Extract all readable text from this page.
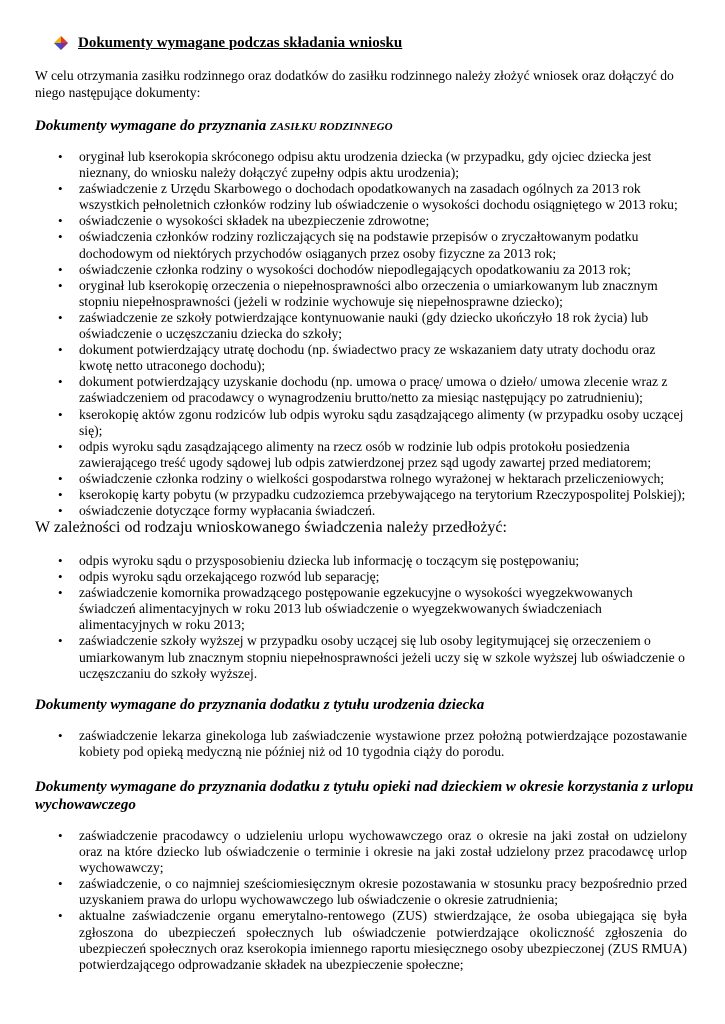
Dokumenty wymagane podczas składania wniosku

W celu otrzymania zasiłku rodzinnego oraz dodatków do zasiłku rodzinnego należy złożyć wniosek oraz dołączyć do niego następujące dokumenty:

Dokumenty wymagane do przyznania ZASIŁKU RODZINNEGO
• oryginał lub kserokopia skróconego odpisu aktu urodzenia dziecka (w przypadku, gdy ojciec dziecka jest nieznany, do wniosku należy dołączyć zupełny odpis aktu urodzenia);
• zaświadczenie z Urzędu Skarbowego o dochodach opodatkowanych na zasadach ogólnych za 2013 rok wszystkich pełnoletnich członków rodziny lub oświadczenie o wysokości dochodu osiągniętego w 2013 roku;
• oświadczenie o wysokości składek na ubezpieczenie zdrowotne;
• oświadczenia członków rodziny rozliczających się na podstawie przepisów o zryczałtowanym podatku dochodowym od niektórych przychodów osiąganych przez osoby fizyczne za 2013 rok;
• oświadczenie członka rodziny o wysokości dochodów niepodlegających opodatkowaniu za 2013 rok;
• oryginał lub kserokopię orzeczenia o niepełnosprawności albo orzeczenia o umiarkowanym lub znacznym stopniu niepełnosprawności (jeżeli w rodzinie wychowuje się niepełnosprawne dziecko);
• zaświadczenie ze szkoły potwierdzające kontynuowanie nauki (gdy dziecko ukończyło 18 rok życia) lub oświadczenie o uczęszczaniu dziecka do szkoły;
• dokument potwierdzający utratę dochodu (np. świadectwo pracy ze wskazaniem daty utraty dochodu oraz kwotę netto utraconego dochodu);
• dokument potwierdzający uzyskanie dochodu (np. umowa o pracę/ umowa o dzieło/ umowa zlecenie wraz z zaświadczeniem od pracodawcy o wynagrodzeniu brutto/netto za miesiąc następujący po zatrudnieniu);
• kserokopię aktów zgonu rodziców lub odpis wyroku sądu zasądzającego alimenty (w przypadku osoby uczącej się);
• odpis wyroku sądu zasądzającego alimenty na rzecz osób w rodzinie lub odpis protokołu posiedzenia zawierającego treść ugody sądowej lub odpis zatwierdzonej przez sąd ugody zawartej przed mediatorem;
• oświadczenie członka rodziny o wielkości gospodarstwa rolnego wyrażonej w hektarach przeliczeniowych;
• kserokopię karty pobytu (w przypadku cudzoziemca przebywającego na terytorium Rzeczypospolitej Polskiej);
• oświadczenie dotyczące formy wypłacania świadczeń.
W zależności od rodzaju wnioskowanego świadczenia należy przedłożyć:
• odpis wyroku sądu o przysposobieniu dziecka lub informację o toczącym się postępowaniu;
• odpis wyroku sądu orzekającego rozwód lub separację;
• zaświadczenie komornika prowadzącego postępowanie egzekucyjne o wysokości wyegzekwowanych świadczeń alimentacyjnych w roku 2013 lub oświadczenie o wyegzekwowanych świadczeniach alimentacyjnych w roku 2013;
• zaświadczenie szkoły wyższej w przypadku osoby uczącej się lub osoby legitymującej się orzeczeniem o umiarkowanym lub znacznym stopniu niepełnosprawności jeżeli uczy się w szkole wyższej lub oświadczenie o uczęszczaniu do szkoły wyższej.
Dokumenty wymagane do przyznania dodatku z tytułu urodzenia dziecka
• zaświadczenie lekarza ginekologa lub zaświadczenie wystawione przez położną potwierdzające pozostawanie kobiety pod opieką medyczną nie później niż od 10 tygodnia ciąży do porodu.
Dokumenty wymagane do przyznania dodatku z tytułu opieki nad dzieckiem w okresie korzystania z urlopu wychowawczego
• zaświadczenie pracodawcy o udzieleniu urlopu wychowawczego oraz o okresie na jaki został on udzielony oraz na które dziecko lub oświadczenie o terminie i okresie na jaki został udzielony przez pracodawcę urlop wychowawczy;
• zaświadczenie, o co najmniej sześciomiesięcznym okresie pozostawania w stosunku pracy bezpośrednio przed uzyskaniem prawa do urlopu wychowawczego lub oświadczenie o okresie zatrudnienia;
• aktualne zaświadczenie organu emerytalno-rentowego (ZUS) stwierdzające, że osoba ubiegająca się była zgłoszona do ubezpieczeń społecznych lub oświadczenie potwierdzające okoliczność zgłoszenia do ubezpieczeń społecznych oraz kserokopia imiennego raportu miesięcznego osoby ubezpieczonej (ZUS RMUA) potwierdzającego odprowadzanie składek na ubezpieczenie społeczne;
